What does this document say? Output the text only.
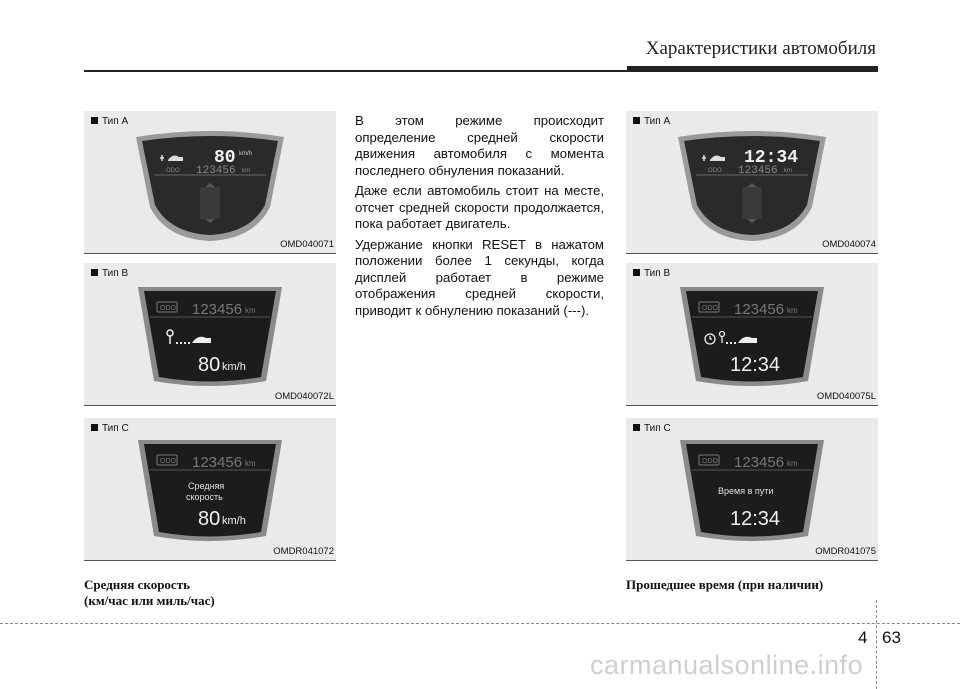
Характеристики автомобиля
80 km/h
ODO 123456 km
Тип А
OMD040071
ODO 123456 km
80 km/h
Тип B
OMD040072L
ODO 123456 km
Средняя
скорость
80 km/h
Тип C
OMDR041072
Средняя скорость
(км/час или миль/час)

В этом режиме происходит определение средней скорости движения автомобиля с момента последнего обнуления показаний.

Даже если автомобиль стоит на месте, отсчет средней скорости продолжается, пока работает двигатель.

Удержание кнопки RESET в нажатом положении более 1 секунды, когда дисплей работает в режиме отображения средней скорости, приводит к обнулению показаний (---).

12:34
ODO 123456 km
Тип А
OMD040074
ODO 123456 km
12:34
Тип B
OMD040075L
ODO 123456 km
Время в пути
12:34
Тип C
OMDR041075
Прошедшее время (при наличии)
4 63
carmanualsonline.info
